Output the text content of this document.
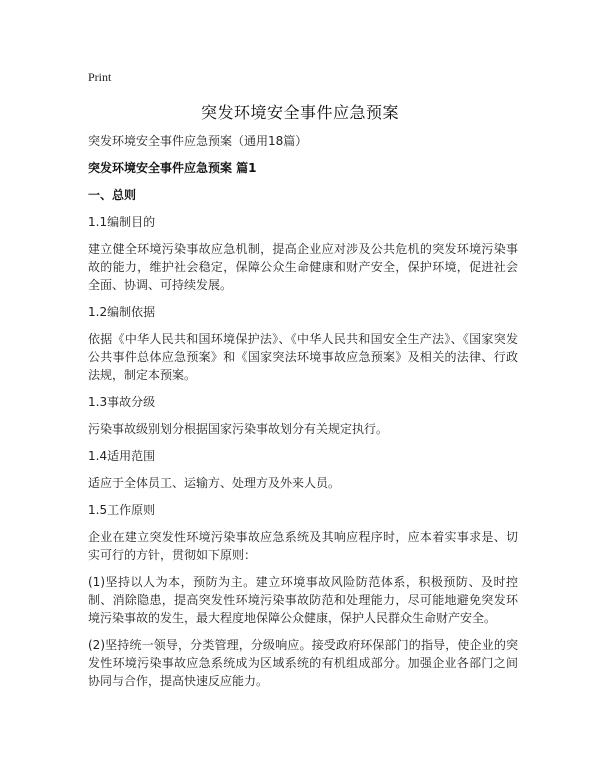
Print
突发环境安全事件应急预案

突发环境安全事件应急预案（通用18篇）

突发环境安全事件应急预案 篇1

一、总则

1.1编制目的

建立健全环境污染事故应急机制，提高企业应对涉及公共危机的突发环境污染事故的能力，维护社会稳定，保障公众生命健康和财产安全，保护环境，促进社会全面、协调、可持续发展。

1.2编制依据

依据《中华人民共和国环境保护法》、《中华人民共和国安全生产法》、《国家突发公共事件总体应急预案》和《国家突法环境事故应急预案》及相关的法律、行政法规，制定本预案。

1.3事故分级

污染事故级别划分根据国家污染事故划分有关规定执行。

1.4适用范围

适应于全体员工、运输方、处理方及外来人员。

1.5工作原则

企业在建立突发性环境污染事故应急系统及其响应程序时，应本着实事求是、切实可行的方针，贯彻如下原则：

(1)坚持以人为本，预防为主。建立环境事故风险防范体系，积极预防、及时控制、消除隐患，提高突发性环境污染事故防范和处理能力，尽可能地避免突发环境污染事故的发生，最大程度地保障公众健康，保护人民群众生命财产安全。

(2)坚持统一领导，分类管理，分级响应。接受政府环保部门的指导，使企业的突发性环境污染事故应急系统成为区域系统的有机组成部分。加强企业各部门之间协同与合作，提高快速反应能力。
